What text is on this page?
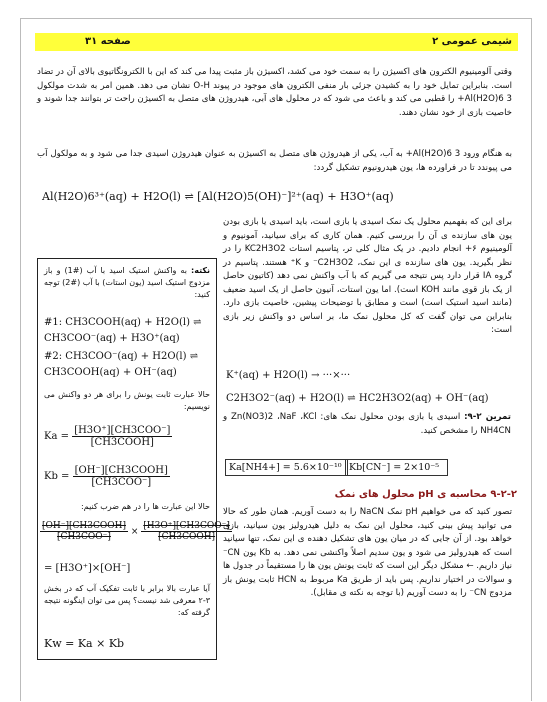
شیمی عمومی ۲
صفحه ۳۱
وقتی آلومینیوم الکترون های اکسیژن را به سمت خود می کشد، اکسیژن باز مثبت پیدا می کند که این با الکترونگاتیوی بالای آن در تضاد است. بنابراین تمایل خود را به کشیدن جزئی بار منفی الکترون های موجود در پیوند O-H نشان می دهد. همین امر به شدت مولکول Al(H2O)6 3+ را قطبی می کند و باعث می شود که در محلول های آبی، هیدروژن های متصل به اکسیژن راحت تر بتوانند جدا شوند و خاصیت بازی از خود نشان دهند.
به هنگام ورود Al(H2O)6 3+ به آب، یکی از هیدروژن های متصل به اکسیژن به عنوان هیدروژن اسیدی جدا می شود و به مولکول آب می پیوندد تا در فراورده ها، یون هیدرونیوم تشکیل گردد:
Al(H2O)6³⁺(aq) + H2O(l) ⇌ [Al(H2O)5(OH)⁻]²⁺(aq) + H3O⁺(aq)
برای این که بفهمیم محلول یک نمک اسیدی یا بازی است، باید اسیدی یا بازی بودن یون های سازنده ی آن را بررسی کنیم. همان کاری که برای سیانید، آمونیوم و آلومینیوم ۶+ انجام دادیم. در یک مثال کلی تر، پتاسیم استات KC2H3O2 را در نظر بگیرید. یون های سازنده ی این نمک، C2H3O2⁻ و K⁺ هستند. پتاسیم در گروه IA قرار دارد پس نتیجه می گیریم که با آب واکنش نمی دهد (کاتیون حاصل از یک باز قوی مانند KOH است). اما یون استات، آنیون حاصل از یک اسید ضعیف (مانند اسید استیک است) است و مطابق با توضیحات پیشین، خاصیت بازی دارد. بنابراین می توان گفت که کل محلول نمک ما، بر اساس دو واکنش زیر بازی است:
K⁺(aq) + H2O(l) → ···×···
C2H3O2⁻(aq) + H2O(l) ⇌ HC2H3O2(aq) + OH⁻(aq)
تمرین ۲-۹: اسیدی یا بازی بودن محلول نمک های: Zn(NO3)2 ،NaF ،KCl و NH4CN را مشخص کنید.
Ka[NH4+] = 5.6×10⁻¹⁰ Kb[CN⁻] = 2×10⁻⁵
۹-۲-۲ محاسبه ی pH محلول های نمک
تصور کنید که می خواهیم pH نمک NaCN را به دست آوریم. همان طور که حالا می توانید پیش بینی کنید، محلول این نمک به دلیل هیدرولیز یون سیانید، بازی خواهد بود. از آن جایی که در میان یون های تشکیل دهنده ی این نمک، تنها سیانید است که هیدرولیز می شود و یون سدیم اصلاً واکنشی نمی دهد. به Kb یون CN⁻ نیاز داریم. ← مشکل دیگر این است که ثابت یونش یون ها را مستقیماً در جدول ها و سوالات در اختیار نداریم. پس باید از طریق Ka مربوط به HCN ثابت یونش باز مزدوج CN⁻ را به دست آوریم (با توجه به نکته ی مقابل).
نکته: به واکنش استیک اسید با آب (#1) و باز مزدوج استیک اسید (یون استات) با آب (#2) توجه کنید:
#1: CH3COOH(aq) + H2O(l) ⇌
CH3COO⁻(aq) + H3O⁺(aq)
#2: CH3COO⁻(aq) + H2O(l) ⇌
CH3COOH(aq) + OH⁻(aq)
حالا عبارت ثابت یونش را برای هر دو واکنش می نویسیم:
$Ka = \frac{\text{[H3O⁺][CH3COO⁻]}}{\text{[CH3COOH]}}$
$Kb = \frac{\text{[OH⁻][CH3COOH]}}{\text{[CH3COO⁻]}}$
حالا این عبارت ها را در هم ضرب کنیم:
$\frac{\text{[OH⁻][CH3COOH]}}{\text{[CH3COO⁻]}} \times \frac{\text{[H3O⁺][CH3COO⁻]}}{\text{[CH3COOH]}}$
= [H3O⁺]×[OH⁻]
آیا عبارت بالا برابر با ثابت تفکیک آب که در بخش ۳-۲ معرفی شد نیست؟ پس می توان اینگونه نتیجه گرفته که:
Kw = Ka × Kb
